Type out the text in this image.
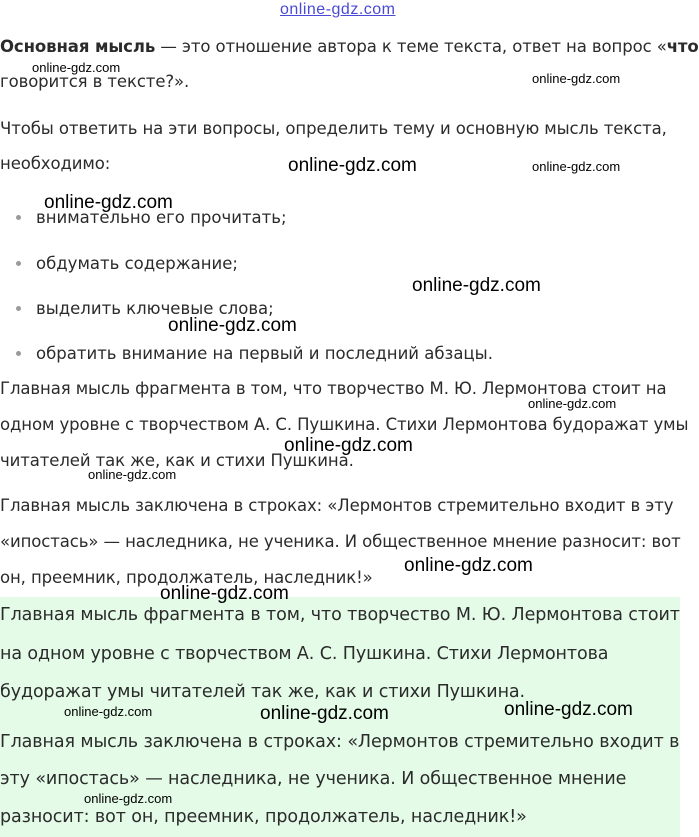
Основная мысль — это отношение автора к теме текста, ответ на вопрос «что
говорится в тексте?».
Чтобы ответить на эти вопросы, определить тему и основную мысль текста,
необходимо:
внимательно его прочитать;
обдумать содержание;
выделить ключевые слова;
обратить внимание на первый и последний абзацы.
Главная мысль фрагмента в том, что творчество М. Ю. Лермонтова стоит на
одном уровне с творчеством А. С. Пушкина. Стихи Лермонтова будоражат умы
читателей так же, как и стихи Пушкина.
Главная мысль заключена в строках: «Лермонтов стремительно входит в эту
«ипостась» — наследника, не ученика. И общественное мнение разносит: вот
он, преемник, продолжатель, наследник!»
Главная мысль фрагмента в том, что творчество М. Ю. Лермонтова стоит
на одном уровне с творчеством А. С. Пушкина. Стихи Лермонтова
будоражат умы читателей так же, как и стихи Пушкина.
Главная мысль заключена в строках: «Лермонтов стремительно входит в
эту «ипостась» — наследника, не ученика. И общественное мнение
разносит: вот он, преемник, продолжатель, наследник!»
online-gdz.com
online-gdz.com
online-gdz.com
online-gdz.com	online-gdz.com
online-gdz.com
online-gdz.com
online-gdz.com
online-gdz.com
online-gdz.com
online-gdz.com
online-gdz.com
online-gdz.com
online-gdz.com
online-gdz.com	online-gdz.com
online-gdz.com
